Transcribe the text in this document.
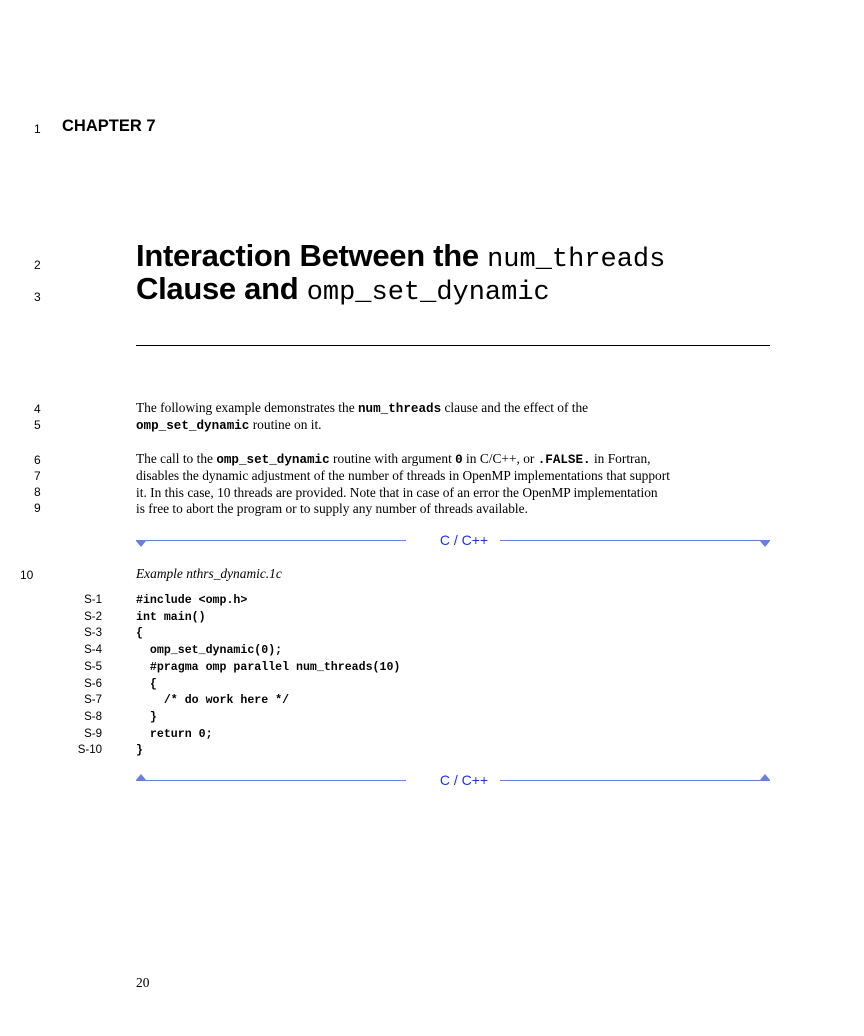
1 CHAPTER 7
2	Interaction Between the num_threads
3	Clause and omp_set_dynamic
4
5
The following example demonstrates the num_threads clause and the effect of the
omp_set_dynamic routine on it.
6
7
8
9
The call to the omp_set_dynamic routine with argument 0 in C/C++, or .FALSE. in Fortran,
disables the dynamic adjustment of the number of threads in OpenMP implementations that support
it. In this case, 10 threads are provided. Note that in case of an error the OpenMP implementation
is free to abort the program or to supply any number of threads available.
C / C++
10	Example nthrs_dynamic.1c
S-1	#include <omp.h>
S-2	int main()
S-3	{
S-4	omp_set_dynamic(0);
S-5	#pragma omp parallel num_threads(10)
S-6	{
S-7	/* do work here */
S-8	}
S-9	return 0;
S-10	}
C / C++
20
